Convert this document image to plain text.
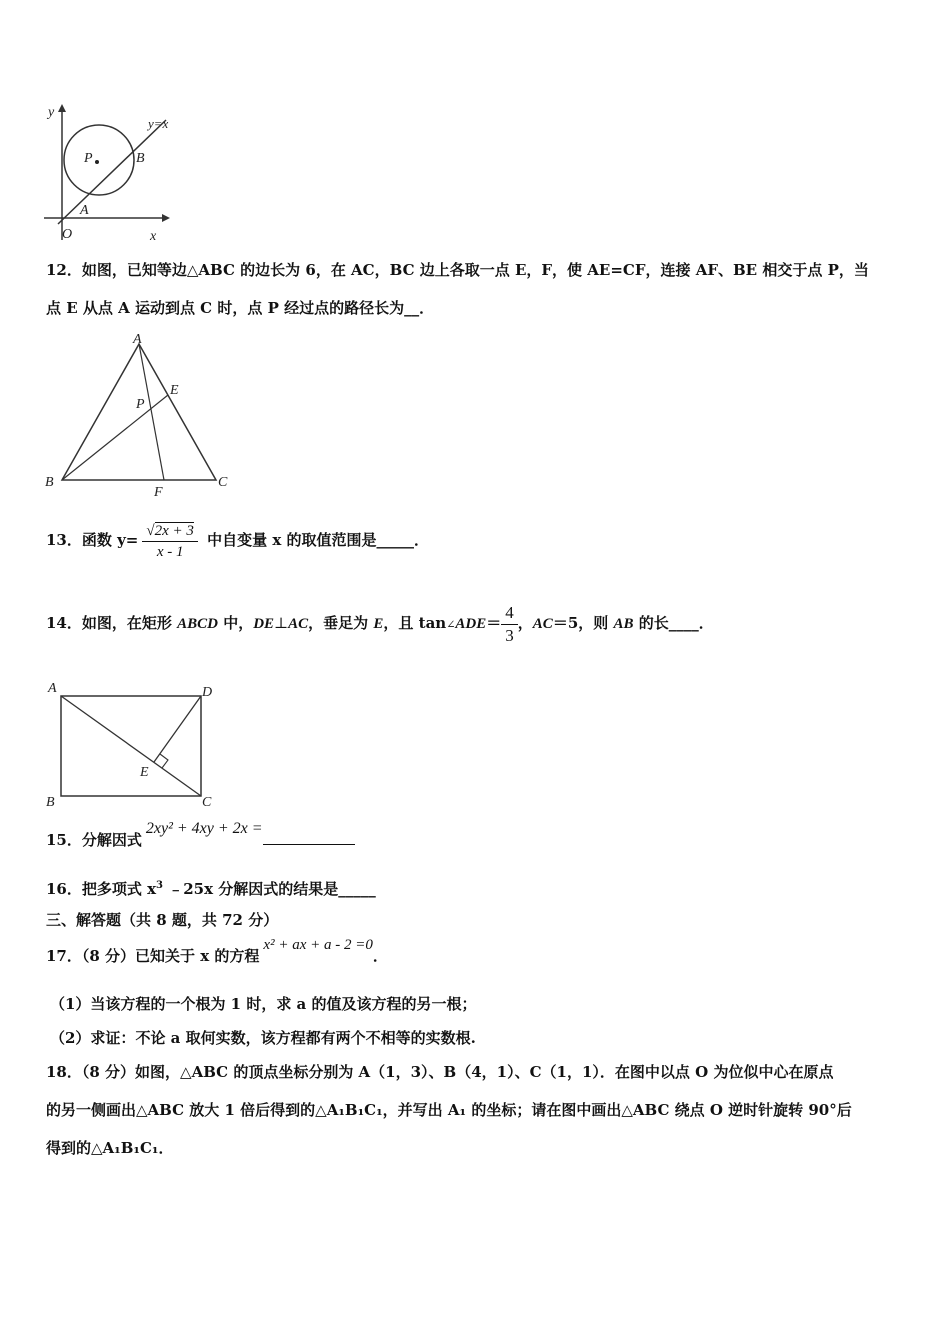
y
y=x
P	B
A
O	x
12．如图，已知等边△ABC 的边长为 6，在 AC，BC 边上各取一点 E，F，使 AE=CF，连接 AF、BE 相交于点 P，当
点 E 从点 A 运动到点 C 时，点 P 经过点的路径长为__．
A
E
P
B
F
C
13．函数 $y= \frac{√2x + 3}{x - 1}$ 中自变量 x 的取值范围是_____．
14．如图，在矩形 ABCD 中，DE⊥AC，垂足为 E，且 tan∠ADE＝ $\frac{4}{3}$ ，AC＝5，则 AB 的长____．
A	D
E
B	C
15．分解因式2xy² + 4xy + 2x =
16．把多项式 $x^3$ ﹣25x 分解因式的结果是_____
三、解答题（共 8 题，共 72 分）
17．（8 分）已知关于 x 的方程x² + ax + a - 2 =0．
（1）当该方程的一个根为 1 时，求 a 的值及该方程的另一根；
（2）求证：不论 a 取何实数，该方程都有两个不相等的实数根.
18．（8 分）如图，△ABC 的顶点坐标分别为 A（1，3）、B（4，1）、C（1，1）．在图中以点 O 为位似中心在原点
的另一侧画出△ABC 放大 1 倍后得到的△A₁B₁C₁，并写出 A₁ 的坐标；请在图中画出△ABC 绕点 O 逆时针旋转 90°后
得到的△A₁B₁C₁．
